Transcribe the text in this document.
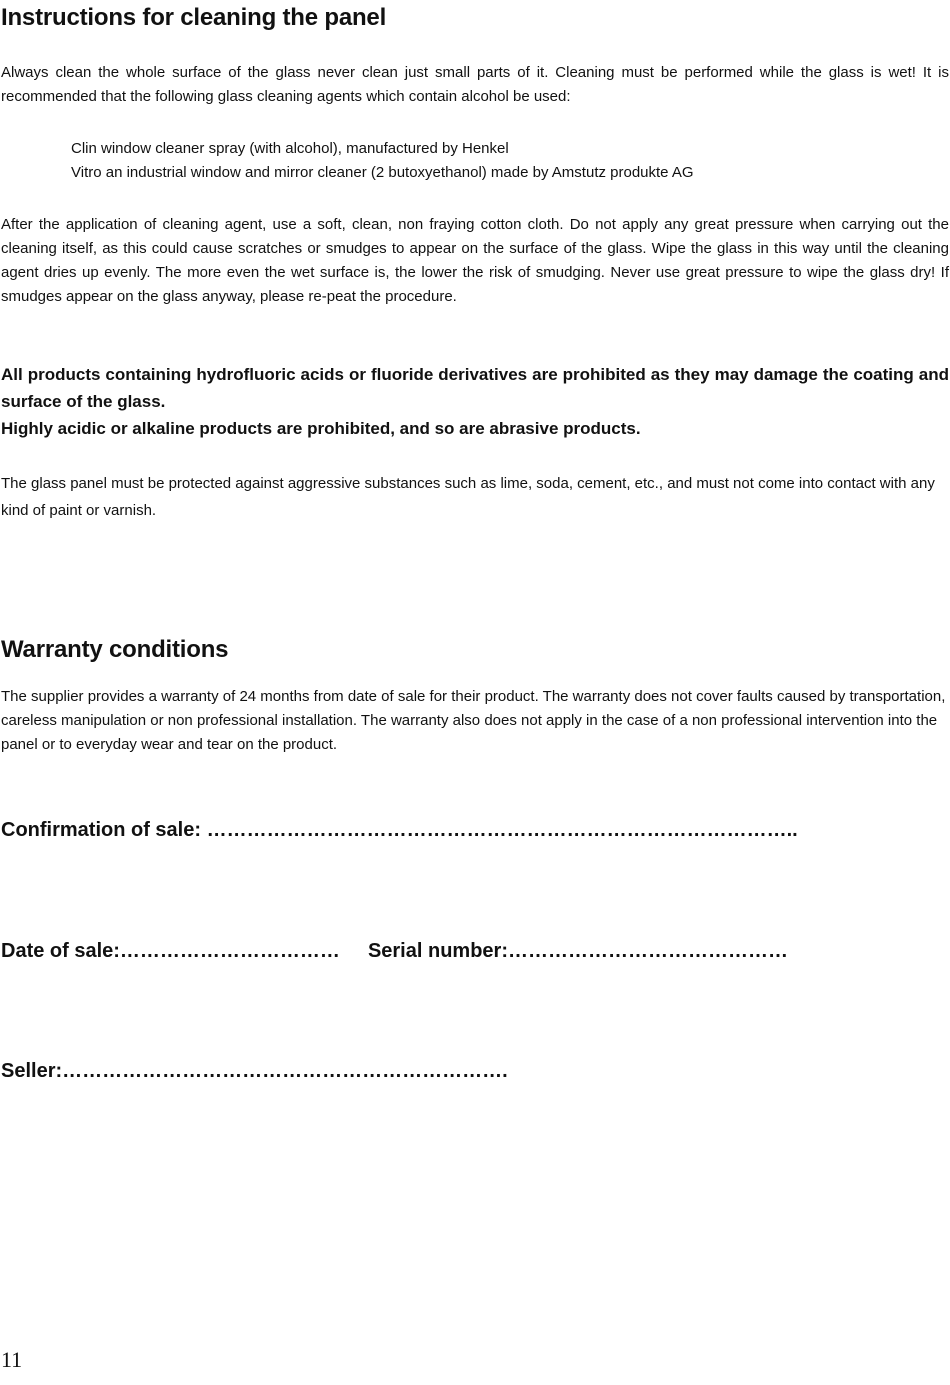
Instructions for cleaning the panel

Always clean the whole surface of the glass never clean just small parts of it. Cleaning must be performed while the glass is wet! It is recommended that the following glass cleaning agents which contain alcohol be used:

Clin window cleaner spray (with alcohol), manufactured by Henkel
Vitro an industrial window and mirror cleaner (2 butoxyethanol) made by Amstutz produkte AG

After the application of cleaning agent, use a soft, clean, non fraying cotton cloth. Do not apply any great pressure when carrying out the cleaning itself, as this could cause scratches or smudges to appear on the surface of the glass. Wipe the glass in this way until the cleaning agent dries up evenly. The more even the wet surface is, the lower the risk of smudging. Never use great pressure to wipe the glass dry! If smudges appear on the glass anyway, please re-peat the procedure.

All products containing hydrofluoric acids or fluoride derivatives are prohibited as they may damage the coating and surface of the glass.

Highly acidic or alkaline products are prohibited, and so are abrasive products.

The glass panel must be protected against aggressive substances such as lime, soda, cement, etc., and must not come into contact with any kind of paint or varnish.

Warranty conditions

The supplier provides a warranty of 24 months from date of sale for their product. The warranty does not cover faults caused by transportation, careless manipulation or non professional installation. The warranty also does not apply in the case of a non professional intervention into the panel or to everyday wear and tear on the product.

Confirmation of sale: ……………………………………………………………………………..

Date of sale:…………………………… Serial number:……………………………………

Seller:………………………………………………………….

11
